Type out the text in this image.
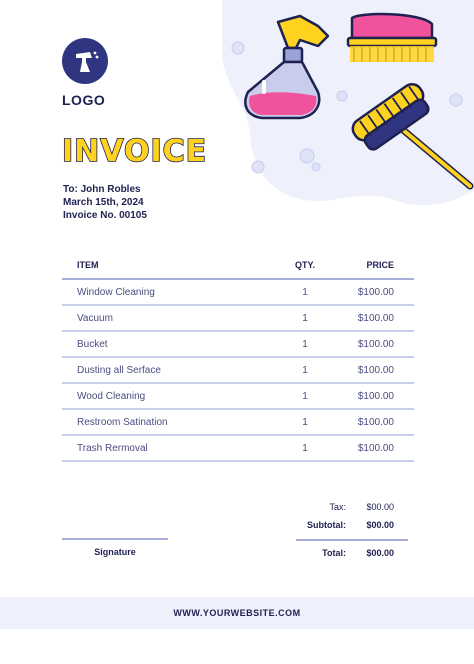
LOGO
INVOICE
To: John Robles
March 15th, 2024
Invoice No. 00105
ITEM	QTY.	PRICE
Window Cleaning	1	$100.00
Vacuum	1	$100.00
Bucket	1	$100.00
Dusting all Serface	1	$100.00
Wood Cleaning	1	$100.00
Restroom Satination	1	$100.00
Trash Rermoval	1	$100.00
Tax: $00.00
Subtotal: $00.00
Total: $00.00
Signature
WWW.YOURWEBSITE.COM
